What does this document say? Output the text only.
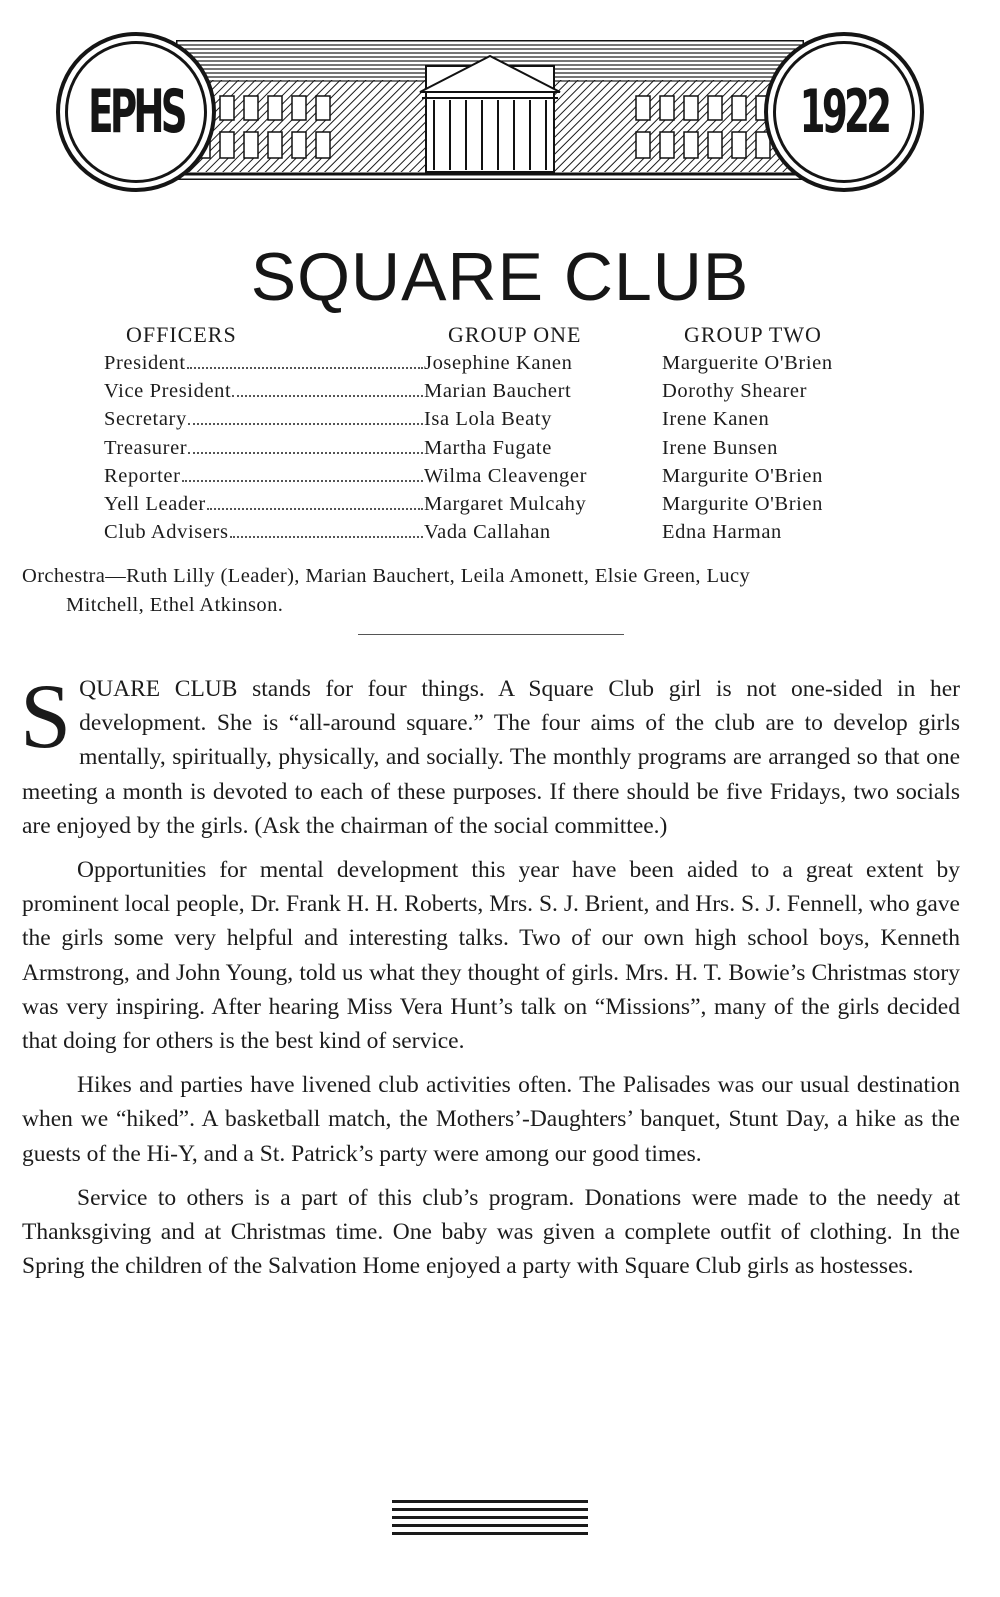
EPHS	1922
SQUARE CLUB
OFFICERS	GROUP ONE	GROUP TWO
President	Josephine Kanen	Marguerite O'Brien
Vice President	Marian Bauchert	Dorothy Shearer
Secretary	Isa Lola Beaty	Irene Kanen
Treasurer	Martha Fugate	Irene Bunsen
Reporter	Wilma Cleavenger	Margurite O'Brien
Yell Leader	Margaret Mulcahy	Margurite O'Brien
Club Advisers	Vada Callahan	Edna Harman
Orchestra—Ruth Lilly (Leader), Marian Bauchert, Leila Amonett, Elsie Green, Lucy
Mitchell, Ethel Atkinson.

SQUARE CLUB stands for four things. A Square Club girl is not one-sided in her development. She is “all-around square.” The four aims of the club are to develop girls mentally, spiritually, physically, and socially. The monthly programs are arranged so that one meeting a month is devoted to each of these purposes. If there should be five Fridays, two socials are enjoyed by the girls. (Ask the chairman of the social committee.)

Opportunities for mental development this year have been aided to a great extent by prominent local people, Dr. Frank H. H. Roberts, Mrs. S. J. Brient, and Hrs. S. J. Fennell, who gave the girls some very helpful and interesting talks. Two of our own high school boys, Kenneth Armstrong, and John Young, told us what they thought of girls. Mrs. H. T. Bowie’s Christmas story was very inspiring. After hearing Miss Vera Hunt’s talk on “Missions”, many of the girls decided that doing for others is the best kind of service.

Hikes and parties have livened club activities often. The Palisades was our usual destination when we “hiked”. A basketball match, the Mothers’-Daughters’ banquet, Stunt Day, a hike as the guests of the Hi-Y, and a St. Patrick’s party were among our good times.

Service to others is a part of this club’s program. Donations were made to the needy at Thanksgiving and at Christmas time. One baby was given a complete outfit of clothing. In the Spring the children of the Salvation Home enjoyed a party with Square Club girls as hostesses.
